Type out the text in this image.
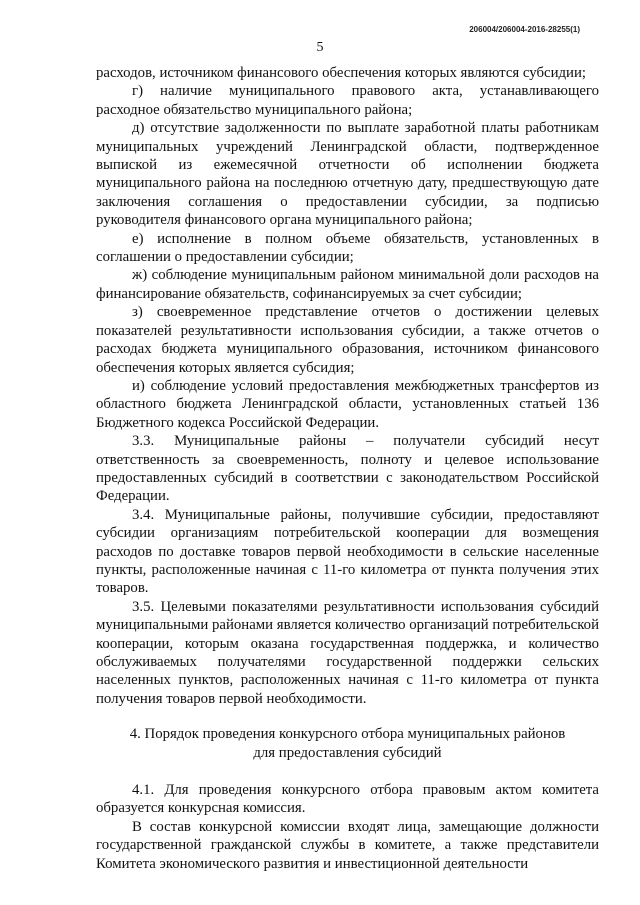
206004/206004-2016-28255(1)
5

расходов, источником финансового обеспечения которых являются субсидии;

г) наличие муниципального правового акта, устанавливающего расходное обязательство муниципального района;

д) отсутствие задолженности по выплате заработной платы работникам муниципальных учреждений Ленинградской области, подтвержденное выпиской из ежемесячной отчетности об исполнении бюджета муниципального района на последнюю отчетную дату, предшествующую дате заключения соглашения о предоставлении субсидии, за подписью руководителя финансового органа муниципального района;

е) исполнение в полном объеме обязательств, установленных в соглашении о предоставлении субсидии;

ж) соблюдение муниципальным районом минимальной доли расходов на финансирование обязательств, софинансируемых за счет субсидии;

з) своевременное представление отчетов о достижении целевых показателей результативности использования субсидии, а также отчетов о расходах бюджета муниципального образования, источником финансового обеспечения которых является субсидия;

и) соблюдение условий предоставления межбюджетных трансфертов из областного бюджета Ленинградской области, установленных статьей 136 Бюджетного кодекса Российской Федерации.

3.3. Муниципальные районы – получатели субсидий несут ответственность за своевременность, полноту и целевое использование предоставленных субсидий в соответствии с законодательством Российской Федерации.

3.4. Муниципальные районы, получившие субсидии, предоставляют субсидии организациям потребительской кооперации для возмещения расходов по доставке товаров первой необходимости в сельские населенные пункты, расположенные начиная с 11-го километра от пункта получения этих товаров.

3.5. Целевыми показателями результативности использования субсидий муниципальными районами является количество организаций потребительской кооперации, которым оказана государственная поддержка, и количество обслуживаемых получателями государственной поддержки сельских населенных пунктов, расположенных начиная с 11-го километра от пункта получения товаров первой необходимости.

4. Порядок проведения конкурсного отбора муниципальных районов

для предоставления субсидий

4.1. Для проведения конкурсного отбора правовым актом комитета образуется конкурсная комиссия.

В состав конкурсной комиссии входят лица, замещающие должности государственной гражданской службы в комитете, а также представители Комитета экономического развития и инвестиционной деятельности
